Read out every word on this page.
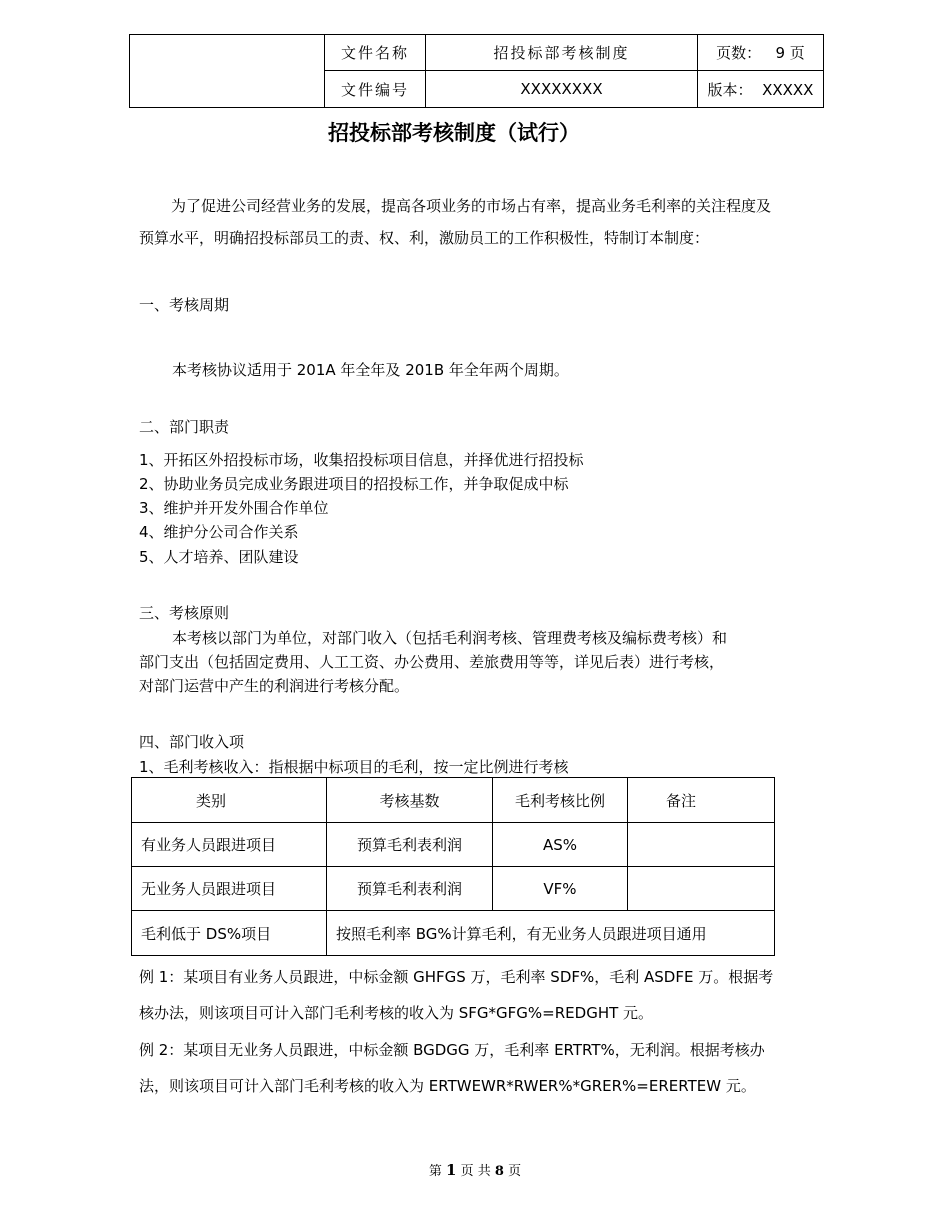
	文件名称	招投标部考核制度	页数： 9 页
	文件编号	XXXXXXXX	版本： XXXXX
招投标部考核制度（试行）
为了促进公司经营业务的发展，提高各项业务的市场占有率，提高业务毛利率的关注程度及预算水平，明确招投标部员工的责、权、利，激励员工的工作积极性，特制订本制度：
一、考核周期
本考核协议适用于 201A 年全年及 201B 年全年两个周期。
二、部门职责
1、开拓区外招投标市场，收集招投标项目信息，并择优进行招投标
2、协助业务员完成业务跟进项目的招投标工作，并争取促成中标
3、维护并开发外围合作单位
4、维护分公司合作关系
5、人才培养、团队建设
三、考核原则
本考核以部门为单位，对部门收入（包括毛利润考核、管理费考核及编标费考核）和
部门支出（包括固定费用、人工工资、办公费用、差旅费用等等，详见后表）进行考核，
对部门运营中产生的利润进行考核分配。
四、部门收入项
1、毛利考核收入：指根据中标项目的毛利，按一定比例进行考核
类别	考核基数	毛利考核比例	备注
有业务人员跟进项目	预算毛利表利润	AS%	
无业务人员跟进项目	预算毛利表利润	VF%	
毛利低于 DS%项目	按照毛利率 BG%计算毛利，有无业务人员跟进项目通用		
例 1：某项目有业务人员跟进，中标金额 GHFGS 万，毛利率 SDF%，毛利 ASDFE 万。根据考
核办法，则该项目可计入部门毛利考核的收入为 SFG*GFG%=REDGHT 元。
例 2：某项目无业务人员跟进，中标金额 BGDGG 万，毛利率 ERTRT%，无利润。根据考核办
法，则该项目可计入部门毛利考核的收入为 ERTWEWR*RWER%*GRER%=ERERTEW 元。
第 1 页 共 8 页
